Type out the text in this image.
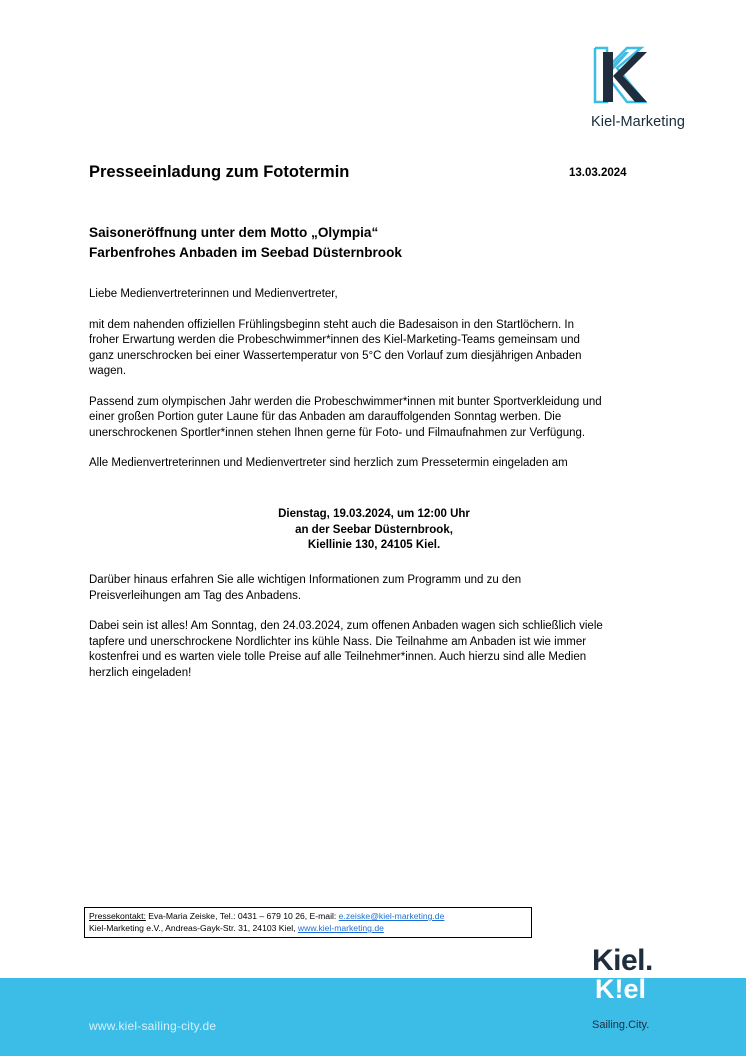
Kiel-Marketing
Presseeinladung zum Fototermin	13.03.2024
Saisoneröffnung unter dem Motto „Olympia“
Farbenfrohes Anbaden im Seebad Düsternbrook

Liebe Medienvertreterinnen und Medienvertreter,

mit dem nahenden offiziellen Frühlingsbeginn steht auch die Badesaison in den Startlöchern. In

froher Erwartung werden die Probeschwimmer*innen des Kiel-Marketing-Teams gemeinsam und

ganz unerschrocken bei einer Wassertemperatur von 5°C den Vorlauf zum diesjährigen Anbaden

wagen.

Passend zum olympischen Jahr werden die Probeschwimmer*innen mit bunter Sportverkleidung und

einer großen Portion guter Laune für das Anbaden am darauffolgenden Sonntag werben. Die

unerschrockenen Sportler*innen stehen Ihnen gerne für Foto- und Filmaufnahmen zur Verfügung.

Alle Medienvertreterinnen und Medienvertreter sind herzlich zum Pressetermin eingeladen am

Dienstag, 19.03.2024, um 12:00 Uhr
an der Seebar Düsternbrook,
Kiellinie 130, 24105 Kiel.

Darüber hinaus erfahren Sie alle wichtigen Informationen zum Programm und zu den

Preisverleihungen am Tag des Anbadens.

Dabei sein ist alles! Am Sonntag, den 24.03.2024, zum offenen Anbaden wagen sich schließlich viele

tapfere und unerschrockene Nordlichter ins kühle Nass. Die Teilnahme am Anbaden ist wie immer

kostenfrei und es warten viele tolle Preise auf alle Teilnehmer*innen. Auch hierzu sind alle Medien

herzlich eingeladen!

Pressekontakt: Eva-Maria Zeiske, Tel.: 0431 – 679 10 26, E-mail: e.zeiske@kiel-marketing.de
Kiel-Marketing e.V., Andreas-Gayk-Str. 31, 24103 Kiel, www.kiel-marketing.de
www.kiel-sailing-city.de
Kiel.
K!el
Sailing.City.
